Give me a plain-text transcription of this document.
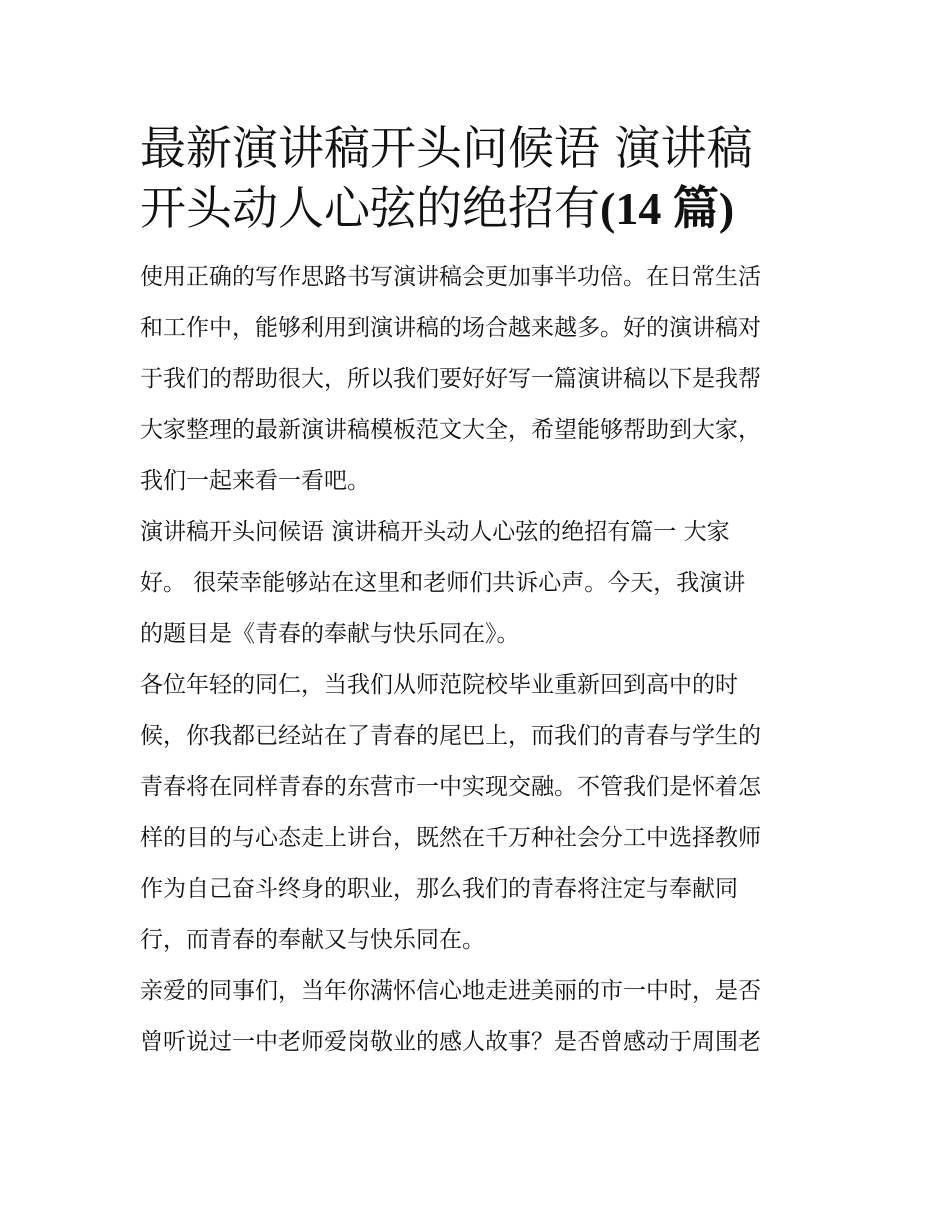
最新演讲稿开头问候语 演讲稿
开头动人心弦的绝招有(14 篇)
使用正确的写作思路书写演讲稿会更加事半功倍。在日常生活
和工作中，能够利用到演讲稿的场合越来越多。好的演讲稿对
于我们的帮助很大，所以我们要好好写一篇演讲稿以下是我帮
大家整理的最新演讲稿模板范文大全，希望能够帮助到大家，
我们一起来看一看吧。
演讲稿开头问候语 演讲稿开头动人心弦的绝招有篇一 大家
好。 很荣幸能够站在这里和老师们共诉心声。今天，我演讲
的题目是《青春的奉献与快乐同在》。
各位年轻的同仁，当我们从师范院校毕业重新回到高中的时
候，你我都已经站在了青春的尾巴上，而我们的青春与学生的
青春将在同样青春的东营市一中实现交融。不管我们是怀着怎
样的目的与心态走上讲台，既然在千万种社会分工中选择教师
作为自己奋斗终身的职业，那么我们的青春将注定与奉献同
行，而青春的奉献又与快乐同在。
亲爱的同事们，当年你满怀信心地走进美丽的市一中时，是否
曾听说过一中老师爱岗敬业的感人故事？是否曾感动于周围老
